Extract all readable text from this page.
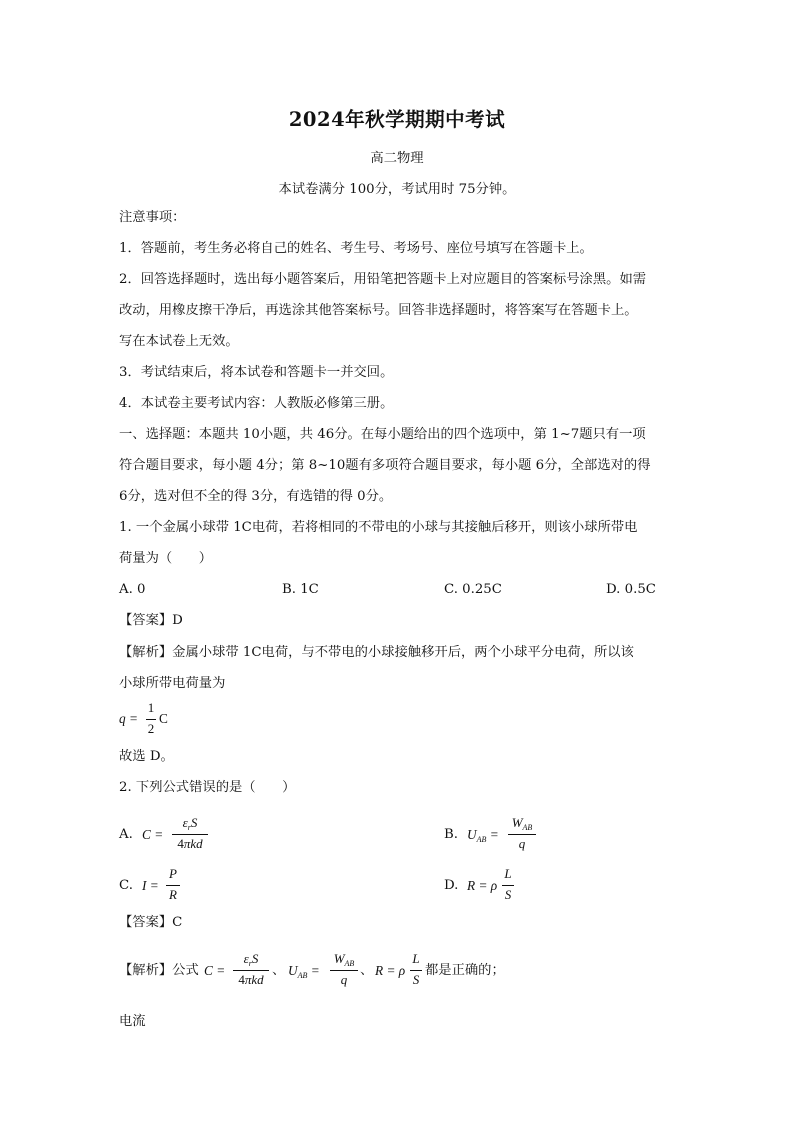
2024年秋学期期中考试
高二物理
本试卷满分 100分，考试用时 75分钟。
注意事项：
1．答题前，考生务必将自己的姓名、考生号、考场号、座位号填写在答题卡上。
2．回答选择题时，选出每小题答案后，用铅笔把答题卡上对应题目的答案标号涂黑。如需
改动，用橡皮擦干净后，再选涂其他答案标号。回答非选择题时，将答案写在答题卡上。
写在本试卷上无效。
3．考试结束后，将本试卷和答题卡一并交回。
4．本试卷主要考试内容：人教版必修第三册。
一、选择题：本题共 10小题，共 46分。在每小题给出的四个选项中，第 1~7题只有一项
符合题目要求，每小题 4分；第 8~10题有多项符合题目要求，每小题 6分，全部选对的得
6分，选对但不全的得 3分，有选错的得 0分。
1. 一个金属小球带 1C电荷，若将相同的不带电的小球与其接触后移开，则该小球所带电
荷量为（　　）
A. 0	B. 1C	C. 0.25C	D. 0.5C
【答案】D
【解析】金属小球带 1C电荷，与不带电的小球接触移开后，两个小球平分电荷，所以该
小球所带电荷量为
q =
1
2
C
故选 D。
2. 下列公式错误的是（　　）
A. C =
$\varepsilon_rS$
4πkd
B. $U_{AB}$ =
$W_{AB}$
q
C. I =
P
R
D. R = ρ
L
S
【答案】C
【解析】公式 C =
$\varepsilon_rS$
4πkd
、 $U_{AB}$ =
$W_{AB}$
q
、 R = ρ
L
S
都是正确的；
电流
